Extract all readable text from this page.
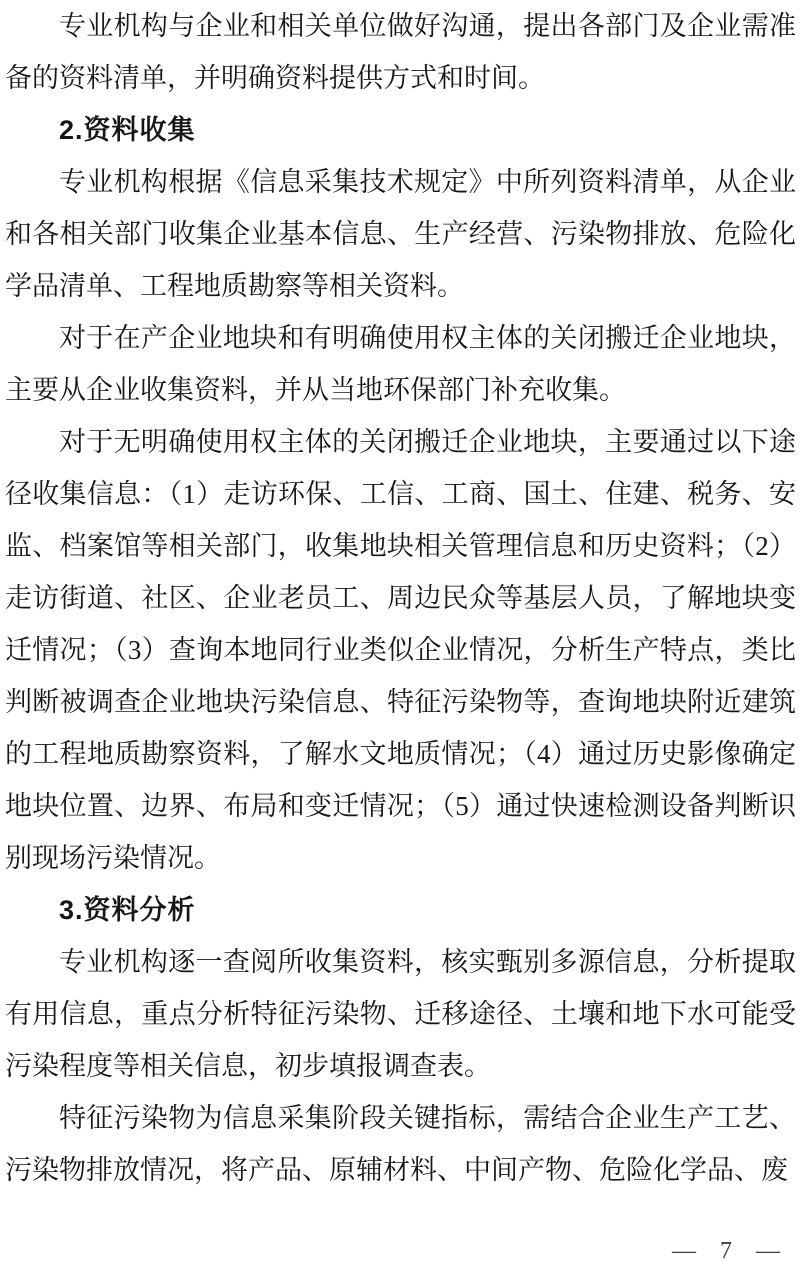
专业机构与企业和相关单位做好沟通，提出各部门及企业需准备的资料清单，并明确资料提供方式和时间。

2.资料收集

专业机构根据《信息采集技术规定》中所列资料清单，从企业和各相关部门收集企业基本信息、生产经营、污染物排放、危险化学品清单、工程地质勘察等相关资料。

对于在产企业地块和有明确使用权主体的关闭搬迁企业地块，主要从企业收集资料，并从当地环保部门补充收集。

对于无明确使用权主体的关闭搬迁企业地块，主要通过以下途径收集信息：（1）走访环保、工信、工商、国土、住建、税务、安监、档案馆等相关部门，收集地块相关管理信息和历史资料；（2）走访街道、社区、企业老员工、周边民众等基层人员，了解地块变迁情况；（3）查询本地同行业类似企业情况，分析生产特点，类比判断被调查企业地块污染信息、特征污染物等，查询地块附近建筑的工程地质勘察资料，了解水文地质情况；（4）通过历史影像确定地块位置、边界、布局和变迁情况；（5）通过快速检测设备判断识别现场污染情况。

3.资料分析

专业机构逐一查阅所收集资料，核实甄别多源信息，分析提取有用信息，重点分析特征污染物、迁移途径、土壤和地下水可能受污染程度等相关信息，初步填报调查表。

特征污染物为信息采集阶段关键指标，需结合企业生产工艺、污染物排放情况，将产品、原辅材料、中间产物、危险化学品、废

— 7 —
